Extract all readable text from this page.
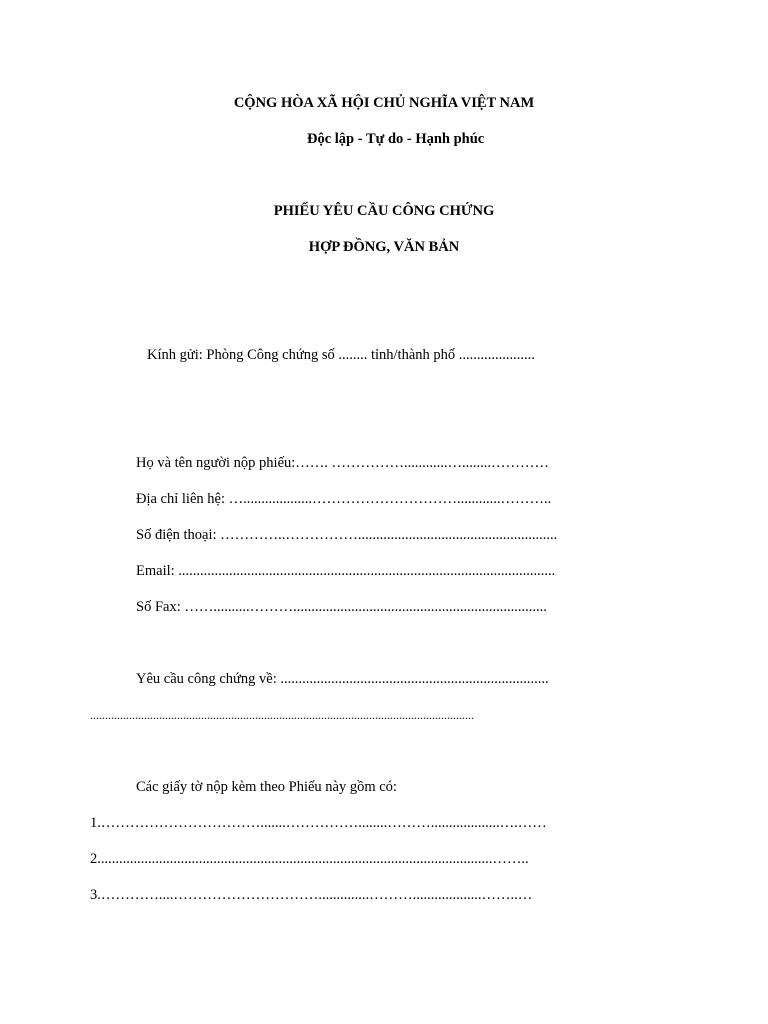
CỘNG HÒA XÃ HỘI CHỦ NGHĨA VIỆT NAM
Độc lập - Tự do - Hạnh phúc
PHIẾU YÊU CẦU CÔNG CHỨNG
HỢP ĐỒNG, VĂN BẢN
Kính gửi: Phòng Công chứng số ........ tỉnh/thành phố .....................
Họ và tên người nộp phiếu:……. ……………............…........…………
Địa chỉ liên hệ: …...................…………………………............………..
Số điện thoại: …………..…………….......................................................
Email: ........................................................................................................
Số Fax: ……..........………......................................................................
Yêu cầu công chứng về: ..........................................................................
................................................................................................................................
Các giấy tờ nộp kèm theo Phiếu này gồm có:
1.…………………………….......……………........………...................….……
2.............................................................................................................……..
3.…………....…………………………..............………...................……..…
